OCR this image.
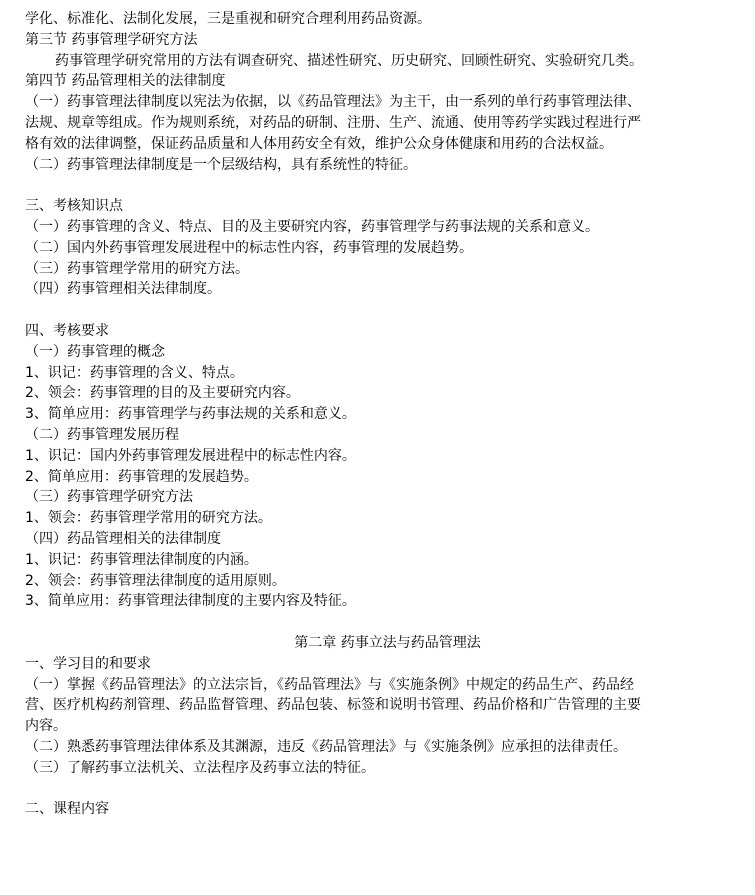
学化、标准化、法制化发展，三是重视和研究合理利用药品资源。
第三节 药事管理学研究方法
药事管理学研究常用的方法有调查研究、描述性研究、历史研究、回顾性研究、实验研究几类。
第四节 药品管理相关的法律制度
（一）药事管理法律制度以宪法为依据，以《药品管理法》为主干，由一系列的单行药事管理法律、
法规、规章等组成。作为规则系统，对药品的研制、注册、生产、流通、使用等药学实践过程进行严
格有效的法律调整，保证药品质量和人体用药安全有效，维护公众身体健康和用药的合法权益。
（二）药事管理法律制度是一个层级结构，具有系统性的特征。
三、考核知识点
（一）药事管理的含义、特点、目的及主要研究内容，药事管理学与药事法规的关系和意义。
（二）国内外药事管理发展进程中的标志性内容，药事管理的发展趋势。
（三）药事管理学常用的研究方法。
（四）药事管理相关法律制度。
四、考核要求
（一）药事管理的概念
1、识记：药事管理的含义、特点。
2、领会：药事管理的目的及主要研究内容。
3、简单应用：药事管理学与药事法规的关系和意义。
（二）药事管理发展历程
1、识记：国内外药事管理发展进程中的标志性内容。
2、简单应用：药事管理的发展趋势。
（三）药事管理学研究方法
1、领会：药事管理学常用的研究方法。
（四）药品管理相关的法律制度
1、识记：药事管理法律制度的内涵。
2、领会：药事管理法律制度的适用原则。
3、简单应用：药事管理法律制度的主要内容及特征。
第二章 药事立法与药品管理法
一、学习目的和要求
（一）掌握《药品管理法》的立法宗旨，《药品管理法》与《实施条例》中规定的药品生产、药品经
营、医疗机构药剂管理、药品监督管理、药品包装、标签和说明书管理、药品价格和广告管理的主要
内容。
（二）熟悉药事管理法律体系及其渊源，违反《药品管理法》与《实施条例》应承担的法律责任。
（三）了解药事立法机关、立法程序及药事立法的特征。
二、课程内容
